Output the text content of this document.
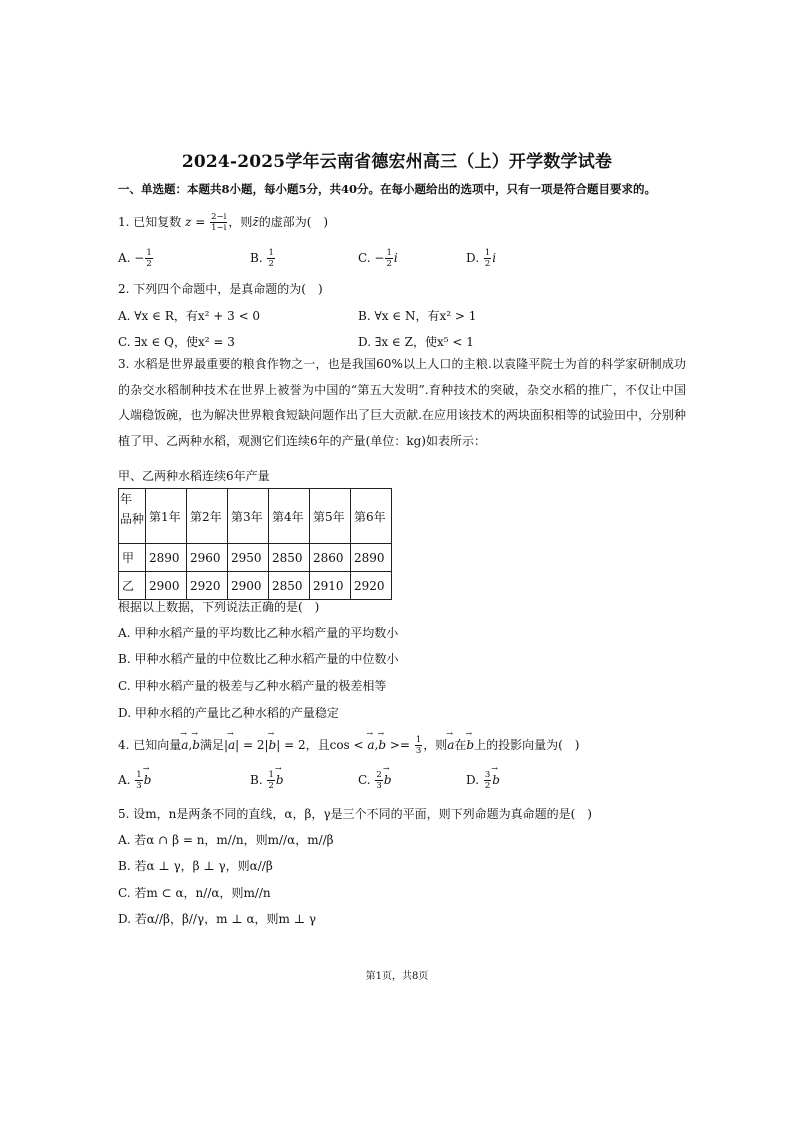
2024-2025学年云南省德宏州高三（上）开学数学试卷
一、单选题：本题共8小题，每小题5分，共40分。在每小题给出的选项中，只有一项是符合题目要求的。
1. 已知复数 $z = \frac{2-i}{1-i}$ ，则z̄的虚部为(　)
A. − $\frac{1}{2}$	B. $\frac{1}{2}$	C. − $\frac{1}{2}$ i	D. $\frac{1}{2}$ i
2. 下列四个命题中，是真命题的为(　)
A. ∀x ∈ R，有x² + 3 < 0	B. ∀x ∈ N，有x² > 1
C. ∃x ∈ Q，使x² = 3	D. ∃x ∈ Z，使x⁵ < 1
3. 水稻是世界最重要的粮食作物之一，也是我国60%以上人口的主粮.以袁隆平院士为首的科学家研制成功的杂交水稻制种技术在世界上被誉为中国的“第五大发明”.育种技术的突破，杂交水稻的推广，不仅让中国人端稳饭碗，也为解决世界粮食短缺问题作出了巨大贡献.在应用该技术的两块面积相等的试验田中，分别种植了甲、乙两种水稻，观测它们连续6年的产量(单位：kg)如表所示：
甲、乙两种水稻连续6年产量
年
品种	第1年	第2年	第3年	第4年	第5年	第6年
甲	2890	2960	2950	2850	2860	2890
乙	2900	2920	2900	2850	2910	2920
根据以上数据，下列说法正确的是(　)
A. 甲种水稻产量的平均数比乙种水稻产量的平均数小
B. 甲种水稻产量的中位数比乙种水稻产量的中位数小
C. 甲种水稻产量的极差与乙种水稻产量的极差相等
D. 甲种水稻的产量比乙种水稻的产量稳定
4. 已知向量→ a,→ b满足|→ a| = 2|→ b| = 2，且cos < → $a,\to b >= \frac{1}{3}$ ，则→ a在→ b上的投影向量为(　)
A. $\frac{1}{3} \to b$	B. $\frac{1}{2} \to b$	C. $\frac{2}{3} \to b$	D. $\frac{3}{2} \to b$
5. 设m，n是两条不同的直线，α，β，γ是三个不同的平面，则下列命题为真命题的是(　)
A. 若α ∩ β = n，m//n，则m//α，m//β
B. 若α ⊥ γ，β ⊥ γ，则α//β
C. 若m ⊂ α，n//α，则m//n
D. 若α//β，β//γ，m ⊥ α，则m ⊥ γ
第1页，共8页
